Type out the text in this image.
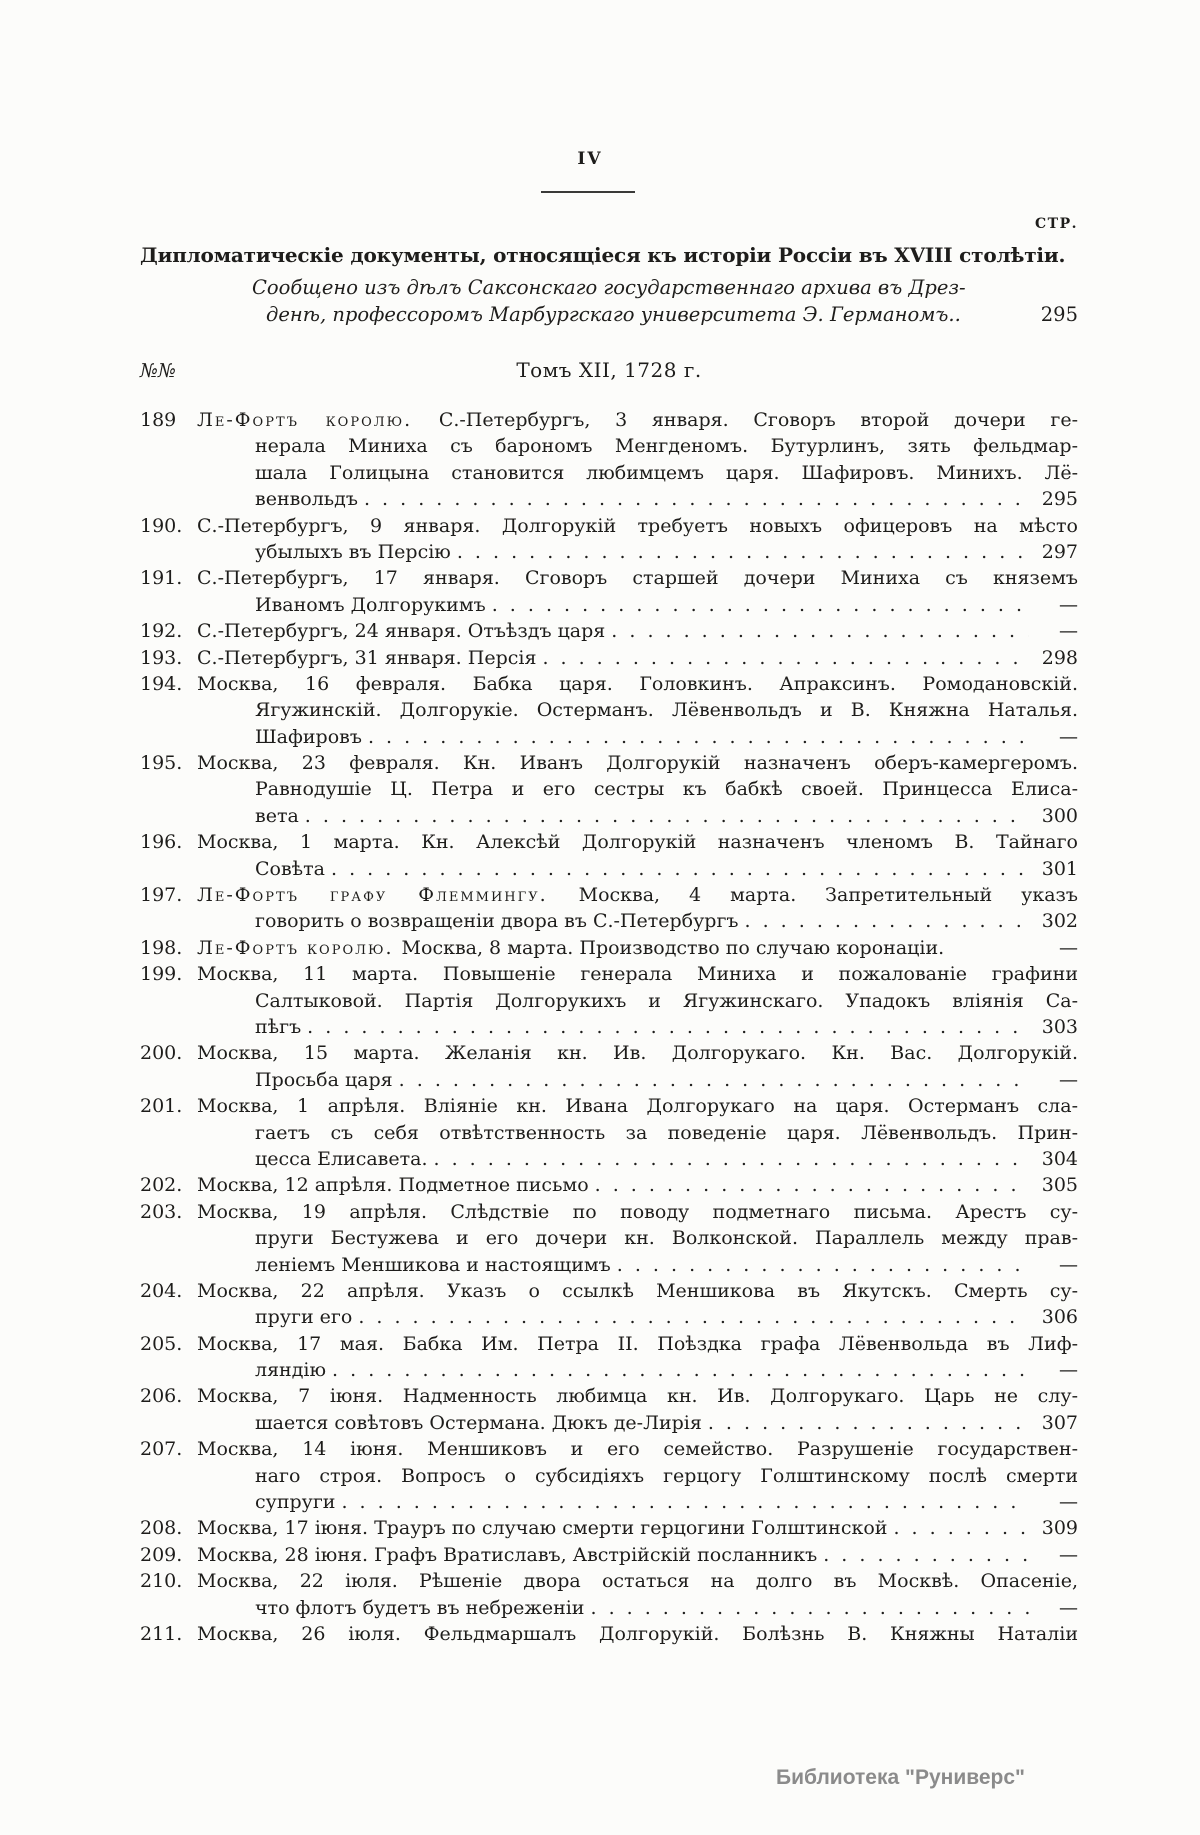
IV
СТР.
Дипломатическіе документы, относящіеся къ исторіи Россіи въ XVIII столѣтіи.
Сообщено изъ дѣлъ Саксонскаго государственнаго архива въ Дрез-
денѣ, профессоромъ Марбургскаго университета Э. Германомъ..	295
№№	Томъ XII, 1728 г.
189	Ле-Фортъ королю. С.-Петербургъ, 3 января. Сговоръ второй дочери ге-
нерала Миниха съ барономъ Менгденомъ. Бутурлинъ, зять фельдмар-
шала Голицына становится любимцемъ царя. Шафировъ. Минихъ. Лё-
венвольдъ . . .	295
190. С.-Петербургъ, 9 января. Долгорукій требуетъ новыхъ офицеровъ на мѣсто
убылыхъ въ Персію . . .	297
191. С.-Петербургъ, 17 января. Сговоръ старшей дочери Миниха съ княземъ
Иваномъ Долгорукимъ . . .	—
192. С.-Петербургъ, 24 января. Отъѣздъ царя . . .	—
193. С.-Петербургъ, 31 января. Персія . . .	298
194. Москва, 16 февраля. Бабка царя. Головкинъ. Апраксинъ. Ромодановскій.
Ягужинскій. Долгорукіе. Остерманъ. Лёвенвольдъ и В. Княжна Наталья.
Шафировъ . . .	—
195. Москва, 23 февраля. Кн. Иванъ Долгорукій назначенъ оберъ-камергеромъ.
Равнодушіе Ц. Петра и его сестры къ бабкѣ своей. Принцесса Елиса-
вета . . .	300
196. Москва, 1 марта. Кн. Алексѣй Долгорукій назначенъ членомъ В. Тайнаго
Совѣта . . .	301
197. Ле-Фортъ графу Флеммингу. Москва, 4 марта. Запретительный указъ
говорить о возвращеніи двора въ С.-Петербургъ . . .	302
198. Ле-Фортъ королю. Москва, 8 марта. Производство по случаю коронаціи.	—
199. Москва, 11 марта. Повышеніе генерала Миниха и пожалованіе графини
Салтыковой. Партія Долгорукихъ и Ягужинскаго. Упадокъ вліянія Са-
пѣгъ . . .	303
200. Москва, 15 марта. Желанія кн. Ив. Долгорукаго. Кн. Вас. Долгорукій.
Просьба царя . . .	—
201. Москва, 1 апрѣля. Вліяніе кн. Ивана Долгорукаго на царя. Остерманъ сла-
гаетъ съ себя отвѣтственность за поведеніе царя. Лёвенвольдъ. Прин-
цесса Елисавета. . . .	304
202. Москва, 12 апрѣля. Подметное письмо . . .	305
203. Москва, 19 апрѣля. Слѣдствіе по поводу подметнаго письма. Арестъ су-
пруги Бестужева и его дочери кн. Волконской. Параллель между прав-
леніемъ Меншикова и настоящимъ . . .	—
204. Москва, 22 апрѣля. Указъ о ссылкѣ Меншикова въ Якутскъ. Смерть су-
пруги его . . .	306
205. Москва, 17 мая. Бабка Им. Петра II. Поѣздка графа Лёвенвольда въ Лиф-
ляндію . . .	—
206. Москва, 7 іюня. Надменность любимца кн. Ив. Долгорукаго. Царь не слу-
шается совѣтовъ Остермана. Дюкъ де-Лирія . . .	307
207. Москва, 14 іюня. Меншиковъ и его семейство. Разрушеніе государствен-
наго строя. Вопросъ о субсидіяхъ герцогу Голштинскому послѣ смерти
супруги . . .	—
208. Москва, 17 іюня. Трауръ по случаю смерти герцогини Голштинской . . .	309
209. Москва, 28 іюня. Графъ Вратиславъ, Австрійскій посланникъ . . .	—
210. Москва, 22 іюля. Рѣшеніе двора остаться на долго въ Москвѣ. Опасеніе,
что флотъ будетъ въ небреженіи . . .	—
211. Москва, 26 іюля. Фельдмаршалъ Долгорукій. Болѣзнь В. Княжны Наталіи
Библиотека "Руниверс"
